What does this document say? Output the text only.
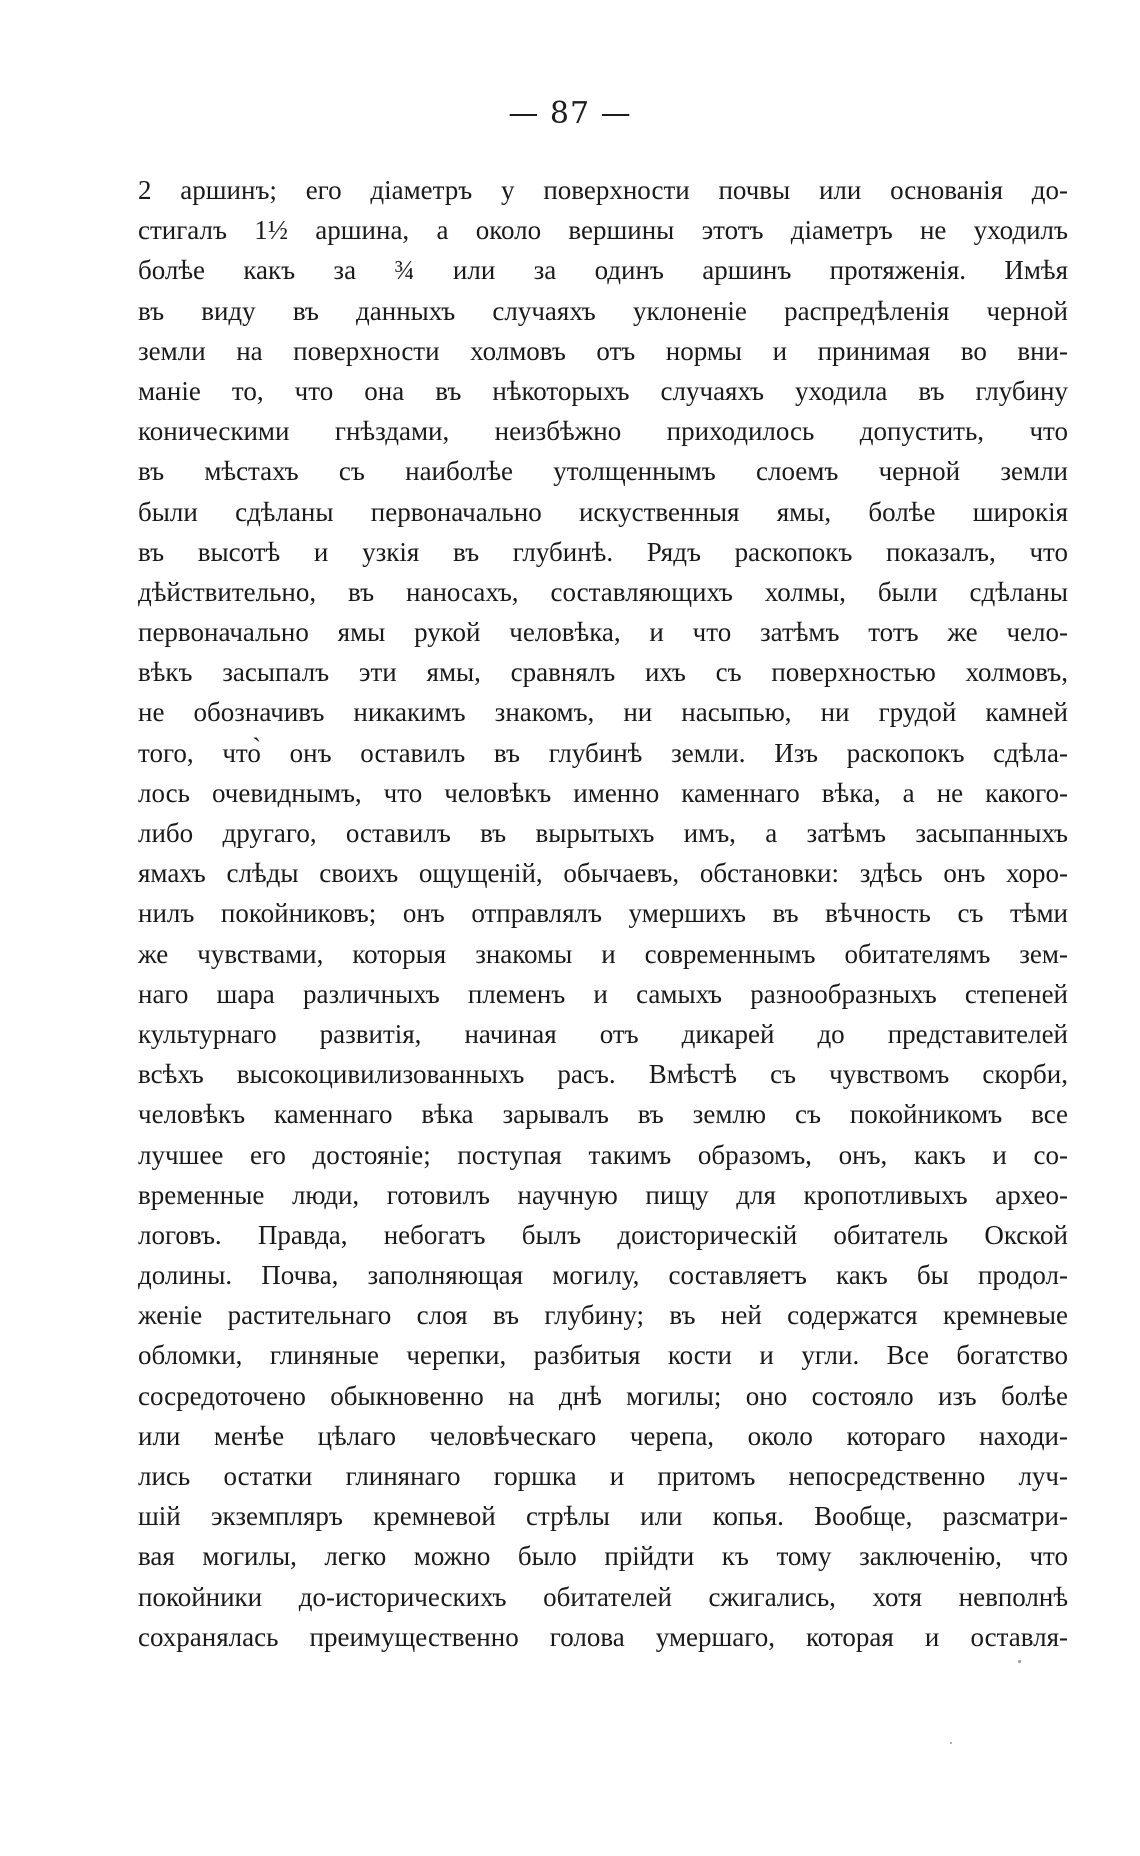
— 87 —
2 аршинъ; его діаметръ у поверхности почвы или основанія до-
стигалъ 1½ аршина, а около вершины этотъ діаметръ не уходилъ
болѣе какъ за ¾ или за одинъ аршинъ протяженія. Имѣя
въ виду въ данныхъ случаяхъ уклоненіе распредѣленія черной
земли на поверхности холмовъ отъ нормы и принимая во вни-
маніе то, что она въ нѣкоторыхъ случаяхъ уходила въ глубину
коническими гнѣздами, неизбѣжно приходилось допустить, что
въ мѣстахъ съ наиболѣе утолщеннымъ слоемъ черной земли
были сдѣланы первоначально искуственныя ямы, болѣе широкія
въ высотѣ и узкія въ глубинѣ. Рядъ раскопокъ показалъ, что
дѣйствительно, въ наносахъ, составляющихъ холмы, были сдѣланы
первоначально ямы рукой человѣка, и что затѣмъ тотъ же чело-
вѣкъ засыпалъ эти ямы, сравнялъ ихъ съ поверхностью холмовъ,
не обозначивъ никакимъ знакомъ, ни насыпью, ни грудой камней
того, что̀ онъ оставилъ въ глубинѣ земли. Изъ раскопокъ сдѣла-
лось очевиднымъ, что человѣкъ именно каменнаго вѣка, а не какого-
либо другаго, оставилъ въ вырытыхъ имъ, а затѣмъ засыпанныхъ
ямахъ слѣды своихъ ощущеній, обычаевъ, обстановки: здѣсь онъ хоро-
нилъ покойниковъ; онъ отправлялъ умершихъ въ вѣчность съ тѣми
же чувствами, которыя знакомы и современнымъ обитателямъ зем-
наго шара различныхъ племенъ и самыхъ разнообразныхъ степеней
культурнаго развитія, начиная отъ дикарей до представителей
всѣхъ высокоцивилизованныхъ расъ. Вмѣстѣ съ чувствомъ скорби,
человѣкъ каменнаго вѣка зарывалъ въ землю съ покойникомъ все
лучшее его достояніе; поступая такимъ образомъ, онъ, какъ и со-
временные люди, готовилъ научную пищу для кропотливыхъ архео-
логовъ. Правда, небогатъ былъ доисторическій обитатель Окской
долины. Почва, заполняющая могилу, составляетъ какъ бы продол-
женіе растительнаго слоя въ глубину; въ ней содержатся кремневые
обломки, глиняные черепки, разбитыя кости и угли. Все богатство
сосредоточено обыкновенно на днѣ могилы; оно состояло изъ болѣе
или менѣе цѣлаго человѣческаго черепа, около котораго находи-
лись остатки глинянаго горшка и притомъ непосредственно луч-
шій экземпляръ кремневой стрѣлы или копья. Вообще, разсматри-
вая могилы, легко можно было прійдти къ тому заключенію, что
покойники до-историческихъ обитателей сжигались, хотя невполнѣ
сохранялась преимущественно голова умершаго, которая и оставля-
